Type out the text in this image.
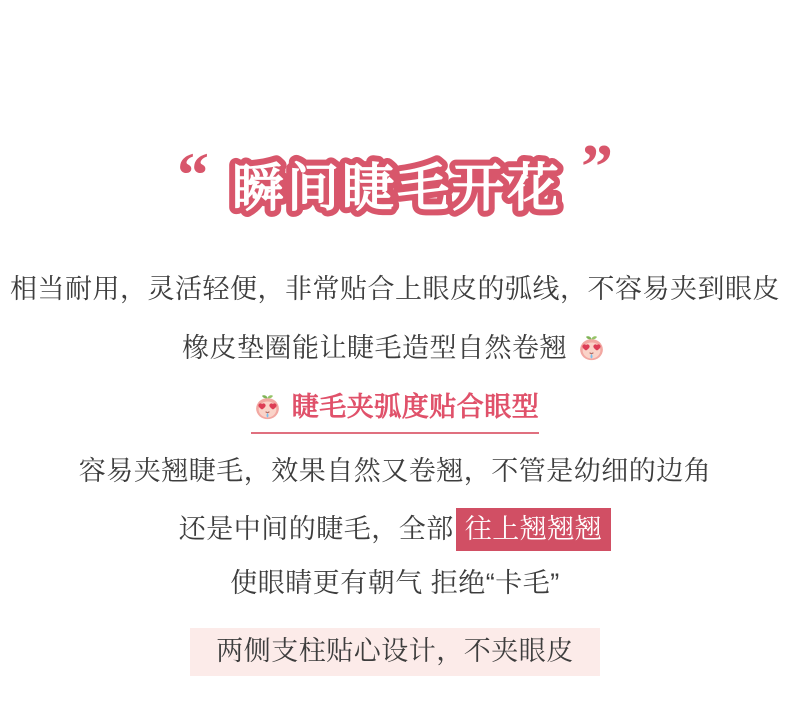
“ 瞬间睫毛开花 ”

相当耐用，灵活轻便，非常贴合上眼皮的弧线，不容易夹到眼皮

橡皮垫圈能让睫毛造型自然卷翘

睫毛夹弧度贴合眼型

容易夹翘睫毛，效果自然又卷翘，不管是幼细的边角

还是中间的睫毛，全部 往上翘翘翘

使眼睛更有朝气 拒绝“卡毛”

两侧支柱贴心设计，不夹眼皮
